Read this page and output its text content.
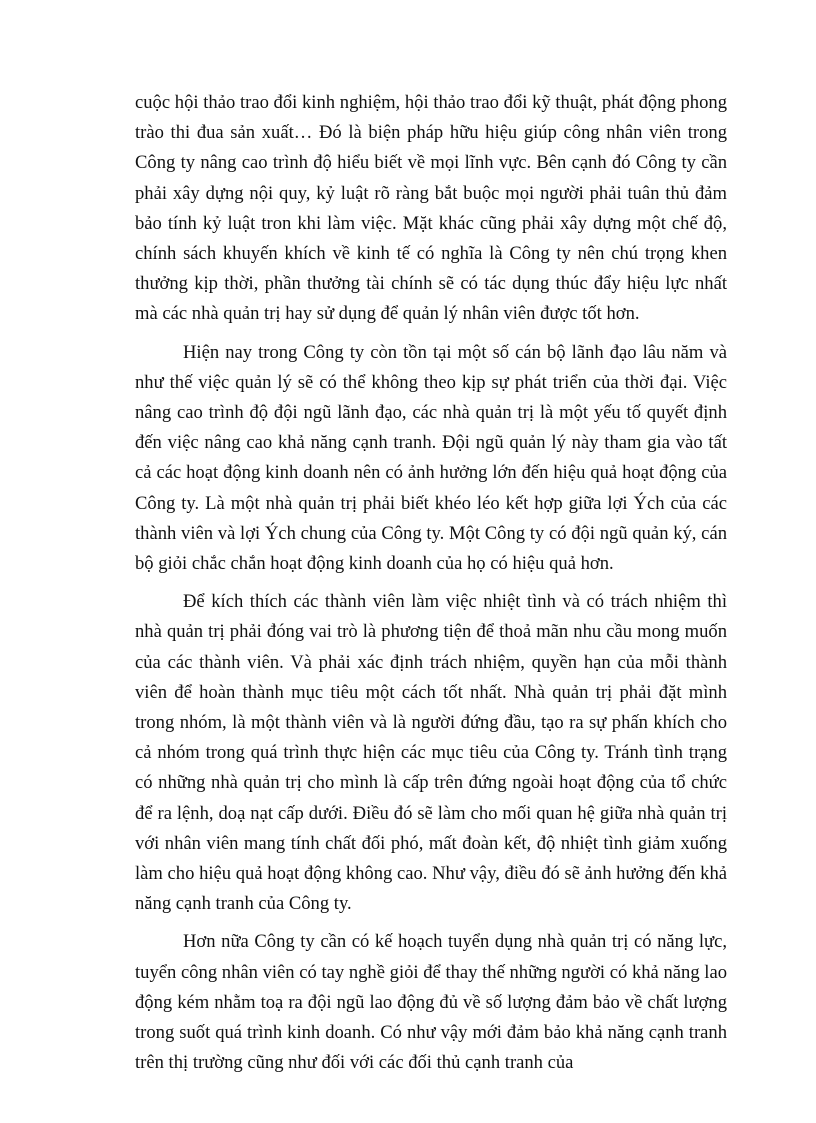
cuộc hội thảo trao đổi kinh nghiệm, hội thảo trao đổi kỹ thuật, phát động phong trào thi đua sản xuất… Đó là biện pháp hữu hiệu giúp công nhân viên trong Công ty nâng cao trình độ hiểu biết về mọi lĩnh vực. Bên cạnh đó Công ty cần phải xây dựng nội quy, kỷ luật rõ ràng bắt buộc mọi người phải tuân thủ đảm bảo tính kỷ luật tron khi làm việc. Mặt khác cũng phải xây dựng một chế độ, chính sách khuyến khích về kinh tế có nghĩa là Công ty nên chú trọng khen thưởng kịp thời, phần thưởng tài chính sẽ có tác dụng thúc đẩy hiệu lực nhất mà các nhà quản trị hay sử dụng để quản lý nhân viên được tốt hơn.

Hiện nay trong Công ty còn tồn tại một số cán bộ lãnh đạo lâu năm và như thế việc quản lý sẽ có thể không theo kịp sự phát triển của thời đại. Việc nâng cao trình độ đội ngũ lãnh đạo, các nhà quản trị là một yếu tố quyết định đến việc nâng cao khả năng cạnh tranh. Đội ngũ quản lý này tham gia vào tất cả các hoạt động kinh doanh nên có ảnh hưởng lớn đến hiệu quả hoạt động của Công ty. Là một nhà quản trị phải biết khéo léo kết hợp giữa lợi Ých của các thành viên và lợi Ých chung của Công ty. Một Công ty có đội ngũ quản ký, cán bộ giỏi chắc chắn hoạt động kinh doanh của họ có hiệu quả hơn.

Để kích thích các thành viên làm việc nhiệt tình và có trách nhiệm thì nhà quản trị phải đóng vai trò là phương tiện để thoả mãn nhu cầu mong muốn của các thành viên. Và phải xác định trách nhiệm, quyền hạn của mỗi thành viên để hoàn thành mục tiêu một cách tốt nhất. Nhà quản trị phải đặt mình trong nhóm, là một thành viên và là người đứng đầu, tạo ra sự phấn khích cho cả nhóm trong quá trình thực hiện các mục tiêu của Công ty. Tránh tình trạng có những nhà quản trị cho mình là cấp trên đứng ngoài hoạt động của tổ chức để ra lệnh, doạ nạt cấp dưới. Điều đó sẽ làm cho mối quan hệ giữa nhà quản trị với nhân viên mang tính chất đối phó, mất đoàn kết, độ nhiệt tình giảm xuống làm cho hiệu quả hoạt động không cao. Như vậy, điều đó sẽ ảnh hưởng đến khả năng cạnh tranh của Công ty.

Hơn nữa Công ty cần có kế hoạch tuyển dụng nhà quản trị có năng lực, tuyển công nhân viên có tay nghề giỏi để thay thế những người có khả năng lao động kém nhằm toạ ra đội ngũ lao động đủ về số lượng đảm bảo về chất lượng trong suốt quá trình kinh doanh. Có như vậy mới đảm bảo khả năng cạnh tranh trên thị trường cũng như đối với các đối thủ cạnh tranh của
